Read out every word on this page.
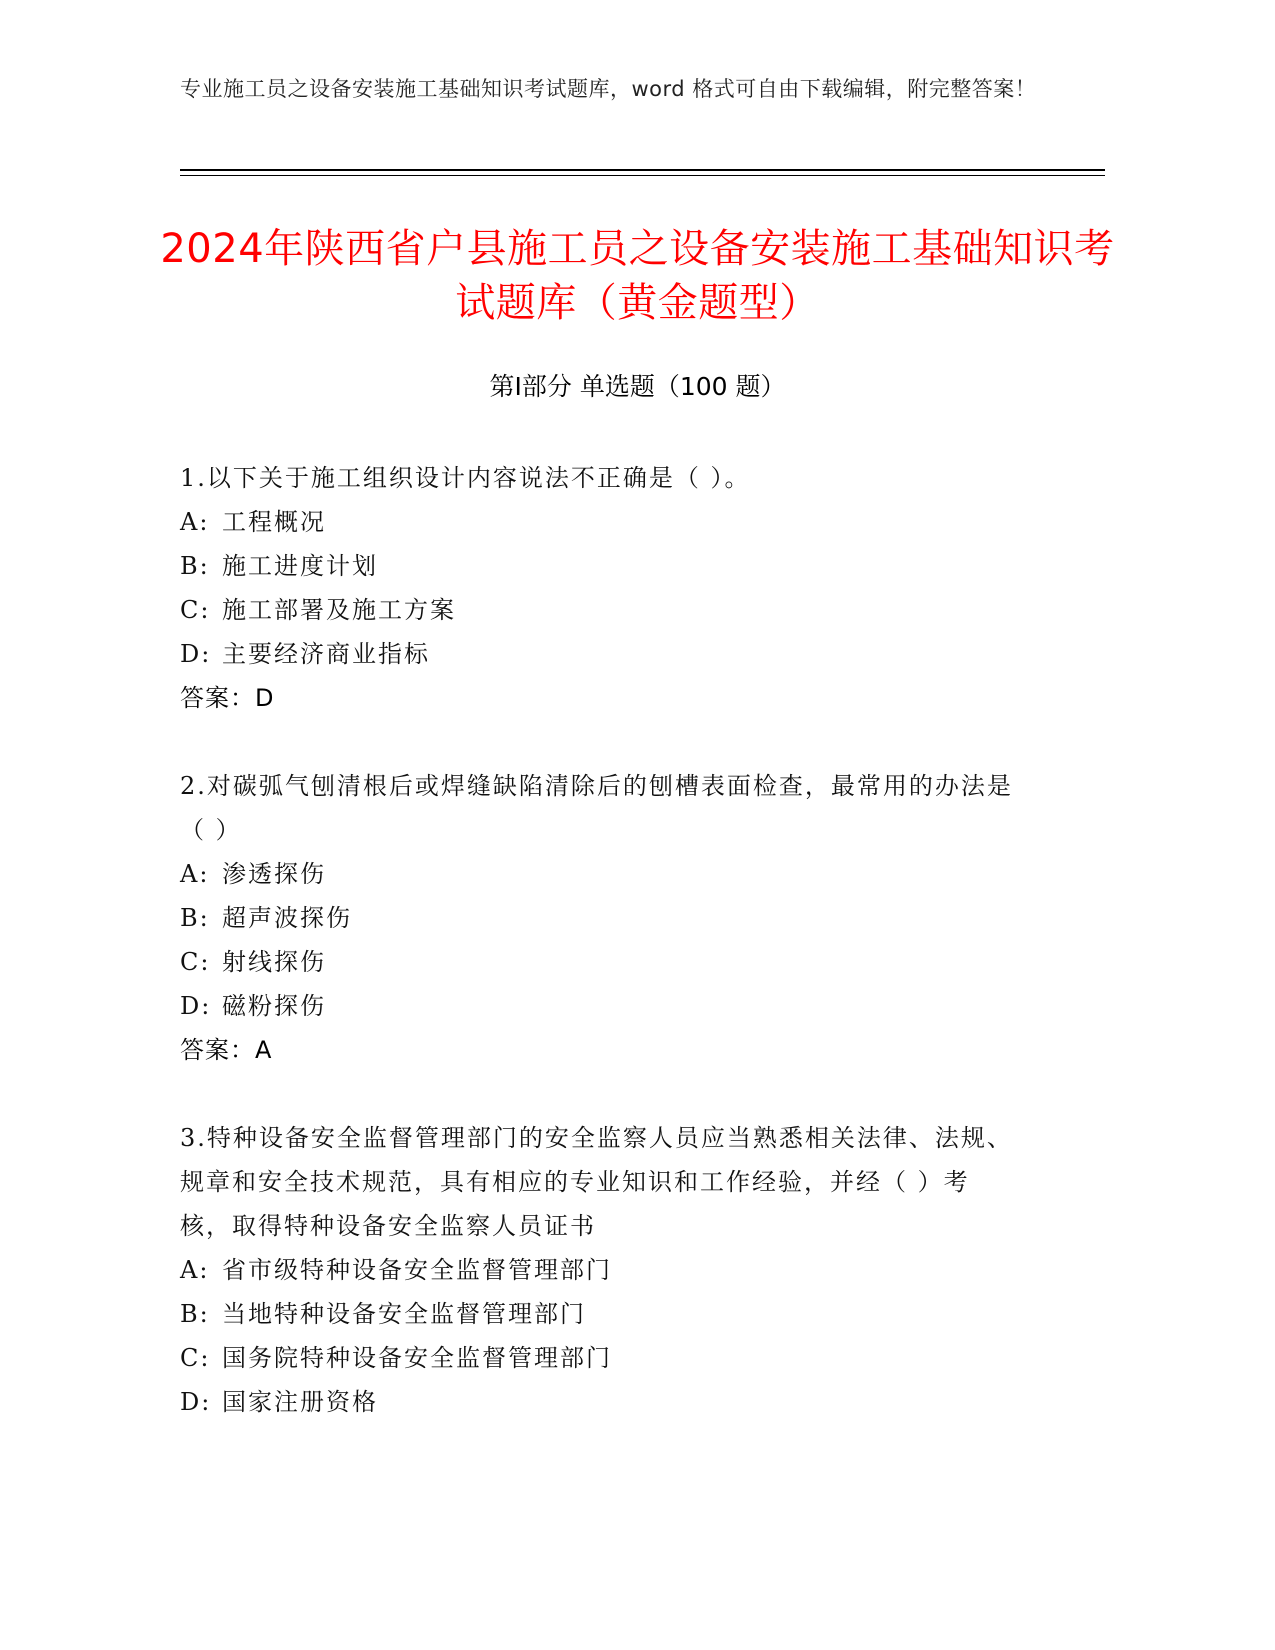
专业施工员之设备安装施工基础知识考试题库，word 格式可自由下载编辑，附完整答案！
2024年陕西省户县施工员之设备安装施工基础知识考试题库（黄金题型）
第Ⅰ部分 单选题（100 题）
1.以下关于施工组织设计内容说法不正确是（ ）。
A: 工程概况
B: 施工进度计划
C: 施工部署及施工方案
D: 主要经济商业指标
答案：D
2.对碳弧气刨清根后或焊缝缺陷清除后的刨槽表面检查，最常用的办法是（ ）
A: 渗透探伤
B: 超声波探伤
C: 射线探伤
D: 磁粉探伤
答案：A
3.特种设备安全监督管理部门的安全监察人员应当熟悉相关法律、法规、规章和安全技术规范，具有相应的专业知识和工作经验，并经（ ）考核，取得特种设备安全监察人员证书
A: 省市级特种设备安全监督管理部门
B: 当地特种设备安全监督管理部门
C: 国务院特种设备安全监督管理部门
D: 国家注册资格
